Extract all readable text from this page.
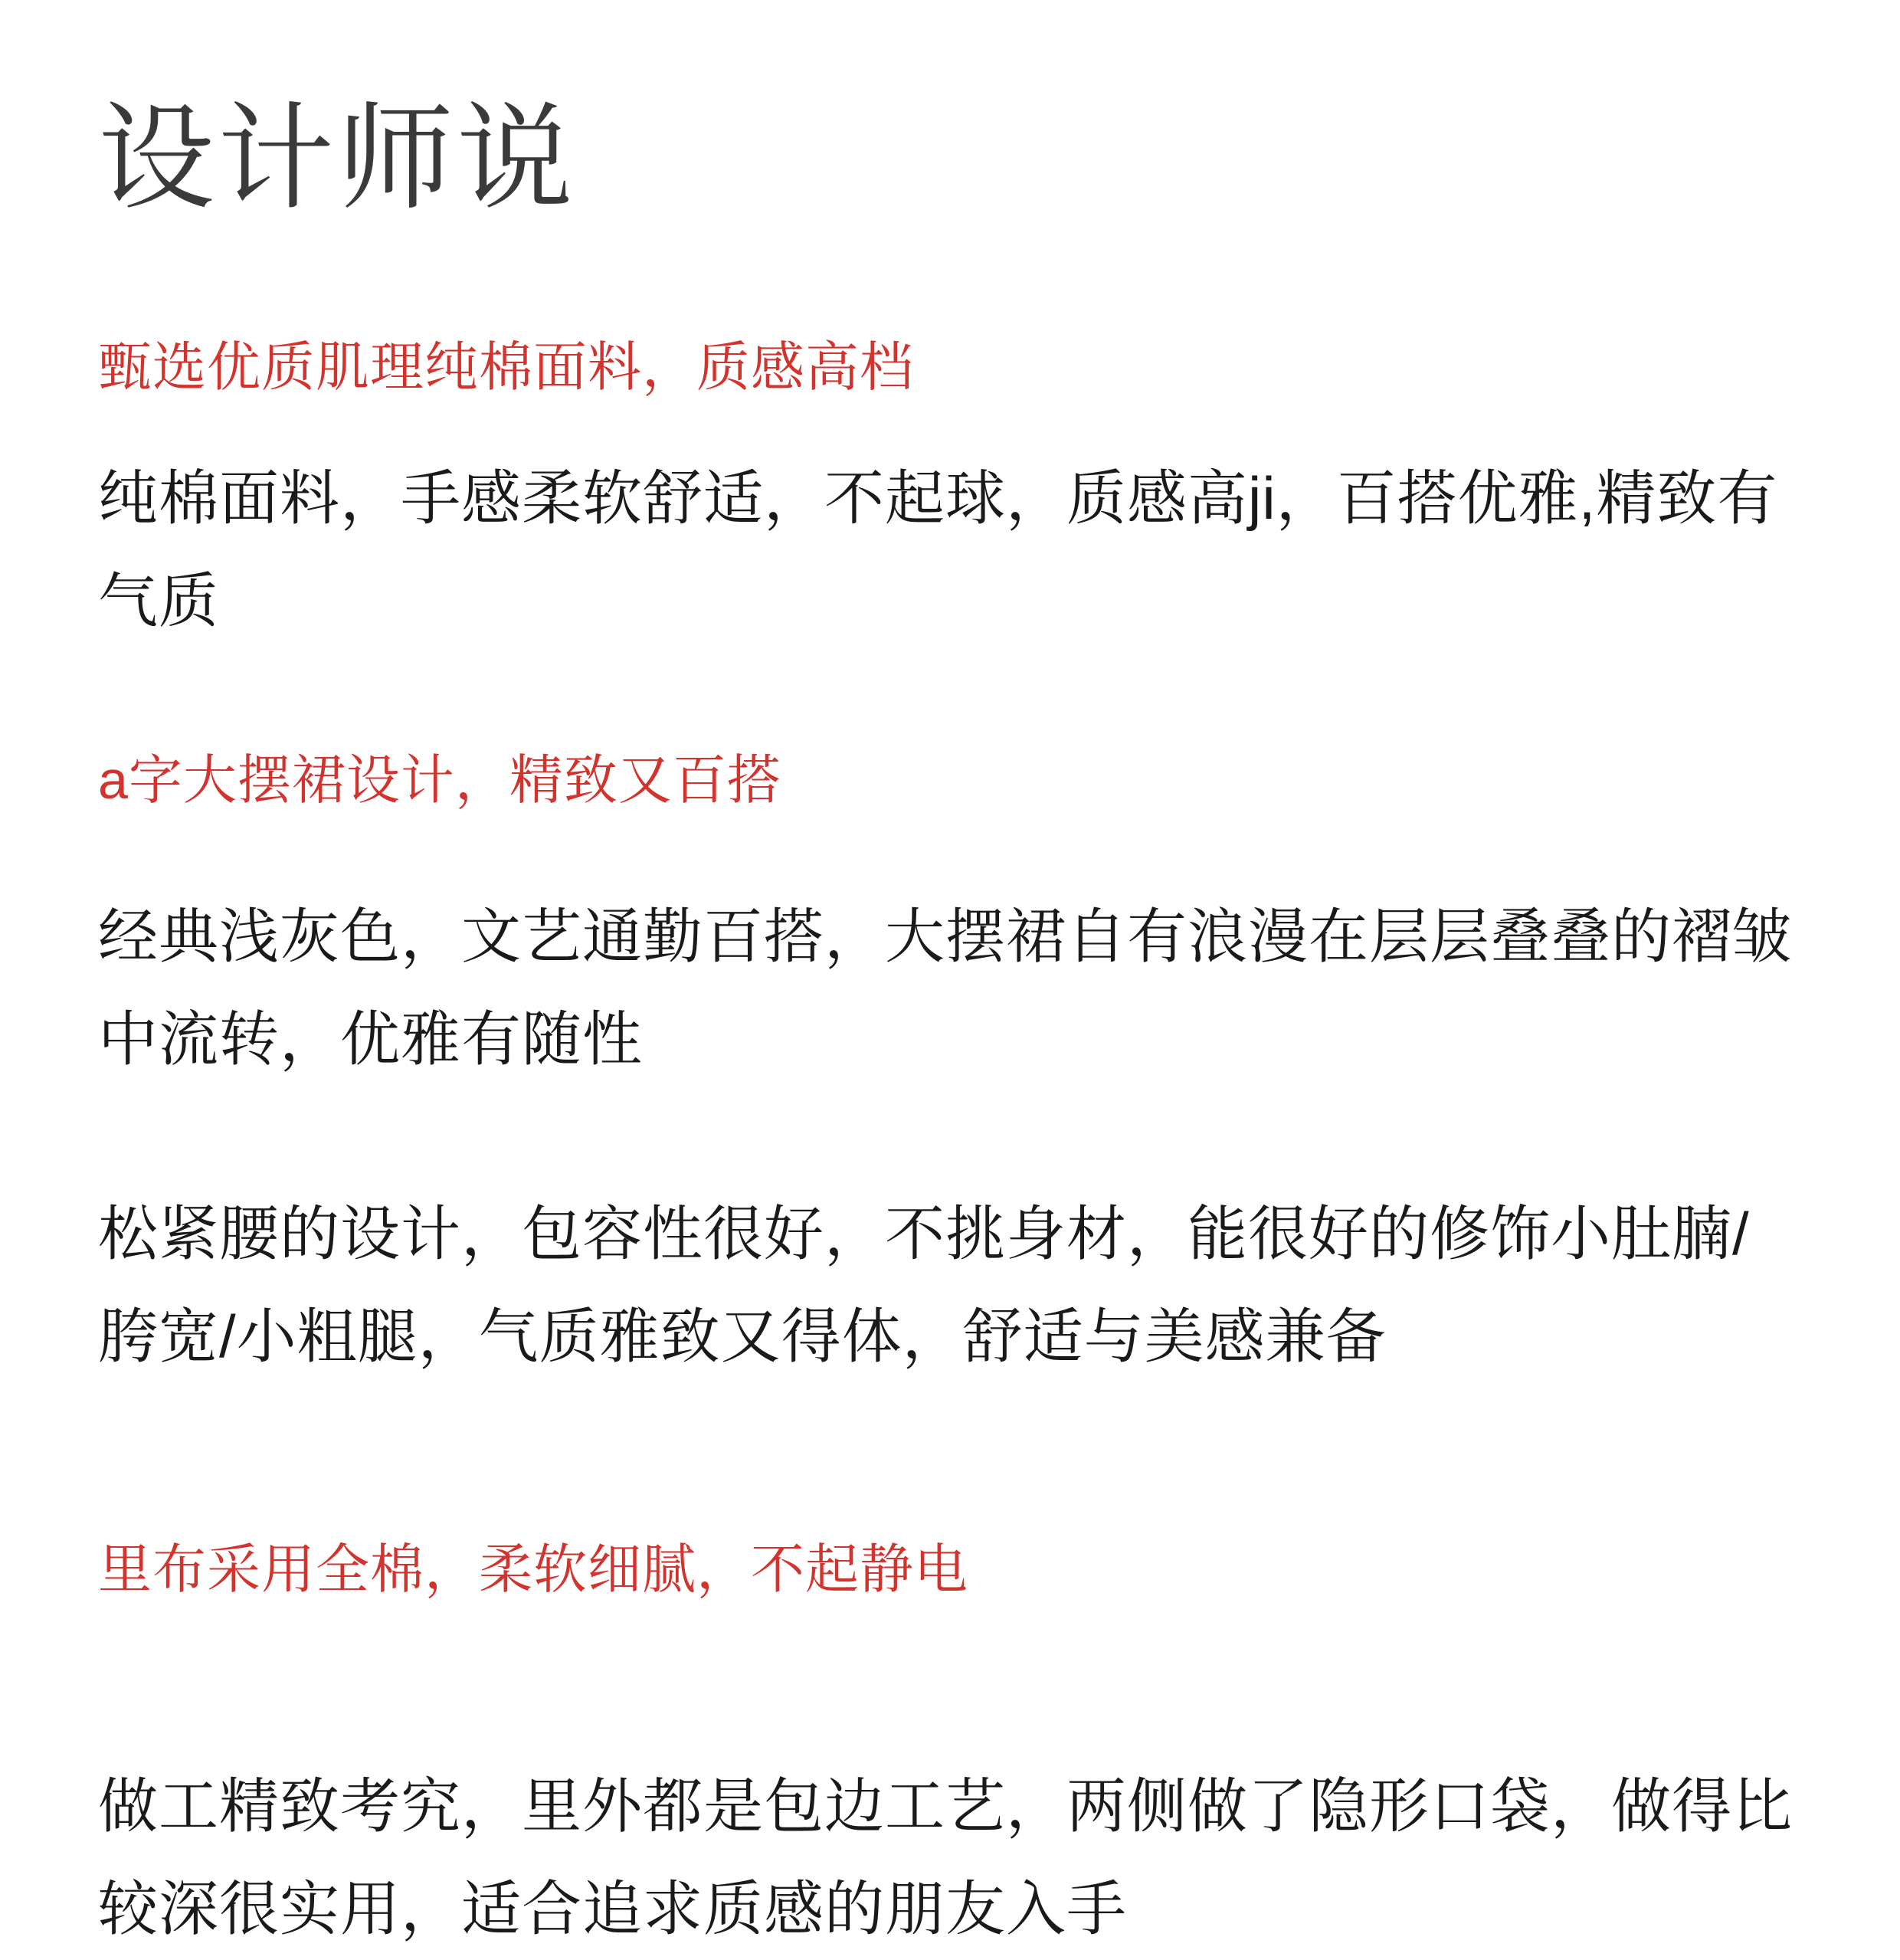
设计师说
甄选优质肌理纯棉面料，质感高档

纯棉面料，手感柔软舒适，不起球，质感高ji，百搭优雅,精致有气质

a字大摆裙设计，精致又百搭

经典浅灰色，文艺通勤百搭，大摆裙自有浪漫在层层叠叠的褶皱中流转，优雅有随性

松紧腰的设计，包容性很好，不挑身材，能很好的修饰小肚腩/胯宽/小粗腿，气质雅致又得体，舒适与美感兼备

里布采用全棉，柔软细腻，不起静电

做工精致考究，里外都是包边工艺，两侧做了隐形口袋，做得比较深很实用，适合追求质感的朋友入手
